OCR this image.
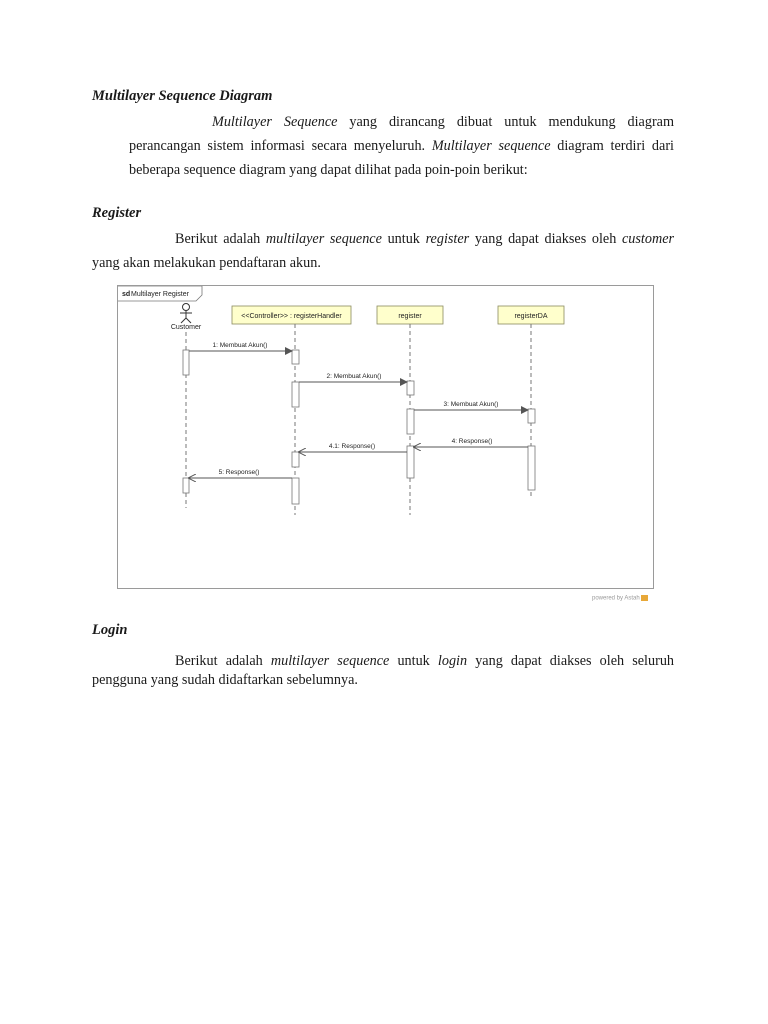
Multilayer Sequence Diagram

Multilayer Sequence yang dirancang dibuat untuk mendukung diagram perancangan sistem informasi secara menyeluruh. Multilayer sequence diagram terdiri dari beberapa sequence diagram yang dapat dilihat pada poin-poin berikut:

Register

Berikut adalah multilayer sequence untuk register yang dapat diakses oleh customer yang akan melakukan pendaftaran akun.

sd Multilayer Register
Customer
<<Controller>> : registerHandler	register	registerDA
1: Membuat Akun()
2: Membuat Akun()
3: Membuat Akun()
4: Response()
4.1: Response()
5: Response()
powered by Astah
Login

Berikut adalah multilayer sequence untuk login yang dapat diakses oleh seluruh pengguna yang sudah didaftarkan sebelumnya.
